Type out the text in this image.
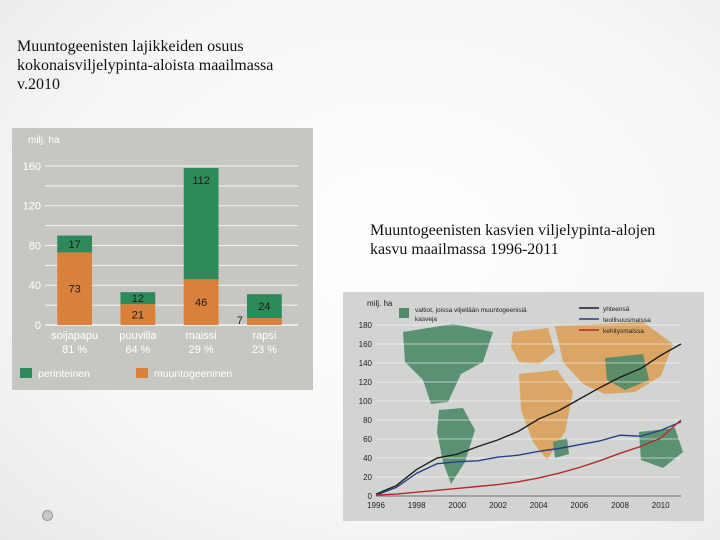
Muuntogeenisten lajikkeiden osuus kokonaisviljelypinta-aloista maailmassa v.2010
0
40
80
120
160
milj. ha
73
17
21
12	46
112
7
24
soijapapu
81 %
puuvilla
64 %
maissi
29 %
rapsi
23 %
perinteinen	muuntogeeninen
Muuntogeenisten kasvien viljelypinta-alojen kasvu maailmassa 1996-2011
0
20
40
60
80
100
120
140
160
180
1996	1998	2000	2002	2004	2006	2008	2010
milj. ha
valtiot, joissa viljellään muuntogeenisiä
kasveja
yhteensä
teollisuusmaissa
kehitysmaissa
